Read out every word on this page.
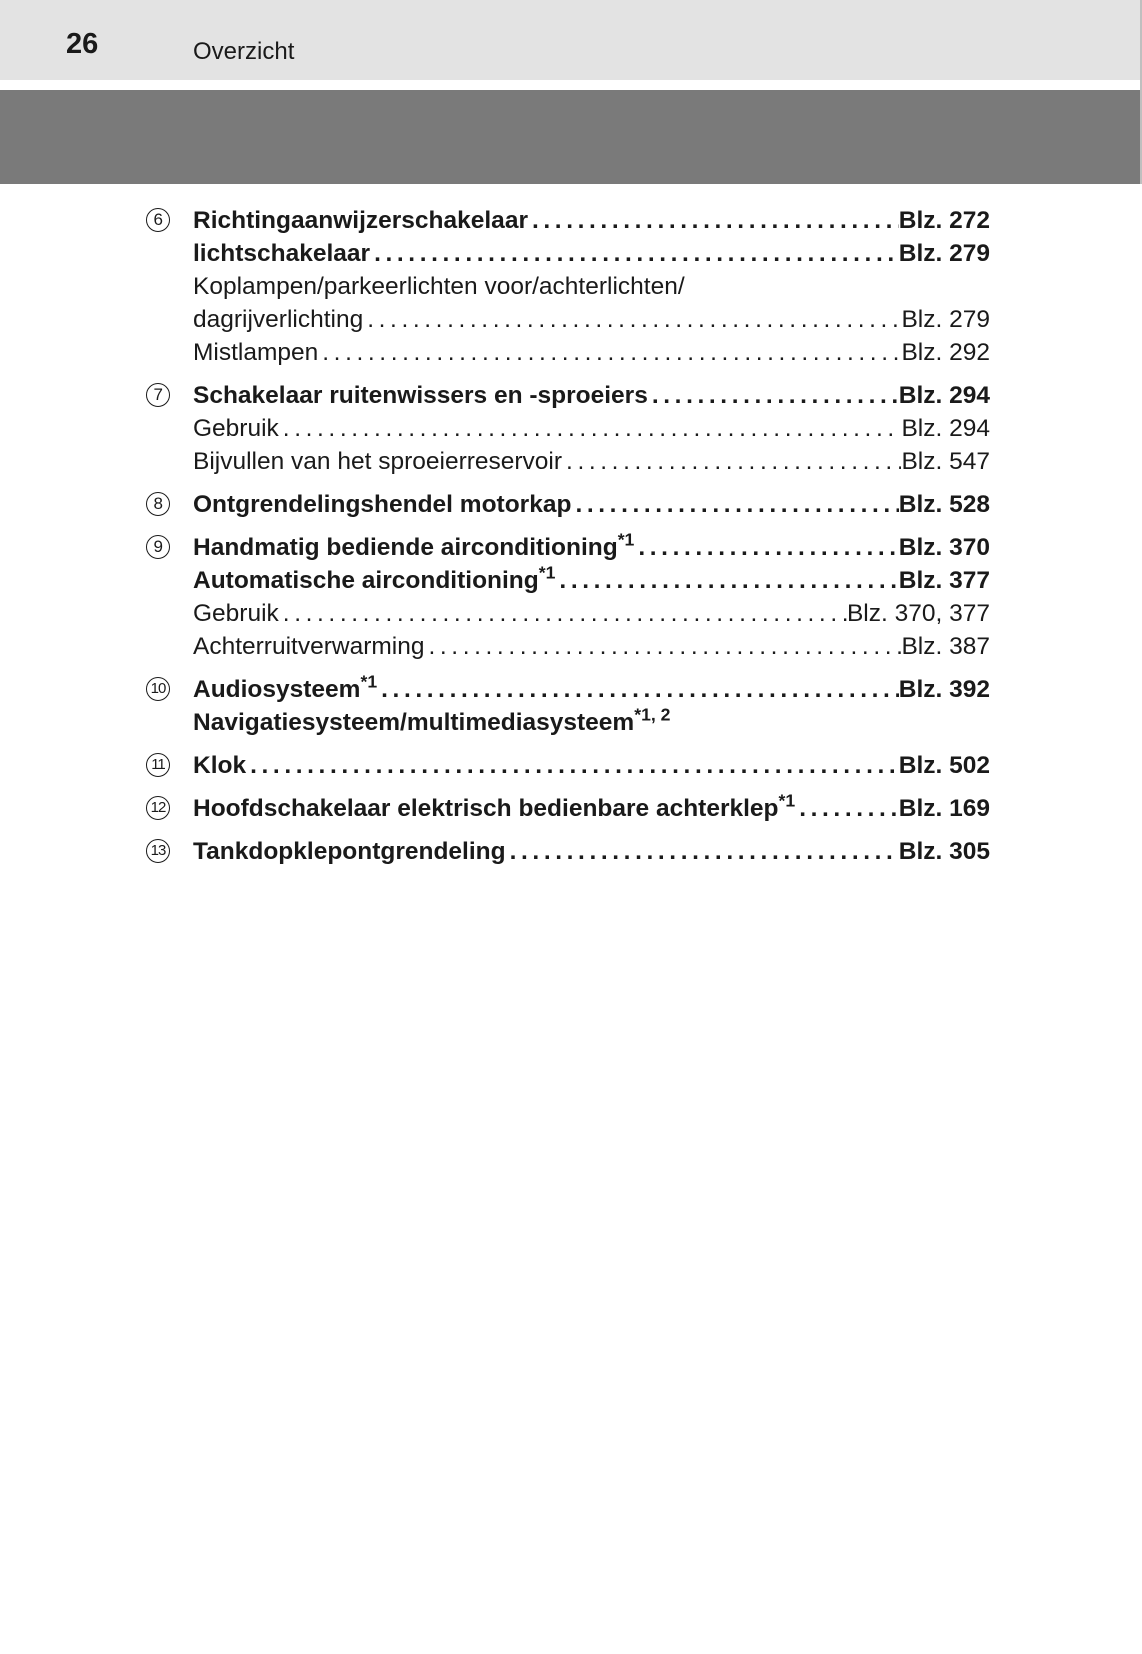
26	Overzicht
6	Richtingaanwijzerschakelaar .....	Blz. 272
lichtschakelaar .....	Blz. 279
Koplampen/parkeerlichten voor/achterlichten/
dagrijverlichting .....	Blz. 279
Mistlampen .....	Blz. 292
7	Schakelaar ruitenwissers en -sproeiers .....	Blz. 294
Gebruik .....	Blz. 294
Bijvullen van het sproeierreservoir .....	Blz. 547
8	Ontgrendelingshendel motorkap .....	Blz. 528
9	Handmatig bediende airconditioning$^{*1}$ .....	Blz. 370
Automatische airconditioning$^{*1}$ .....	Blz. 377
Gebruik .....	Blz. 370, 377
Achterruitverwarming .....	Blz. 387
10 Audiosysteem$^{*1}$ .....	Blz. 392
Navigatiesysteem/multimediasysteem$^{*1, 2}$
11 Klok .....	Blz. 502
12 Hoofdschakelaar elektrisch bedienbare achterklep$^{*1}$ .....	Blz. 169
13 Tankdopklepontgrendeling .....	Blz. 305
